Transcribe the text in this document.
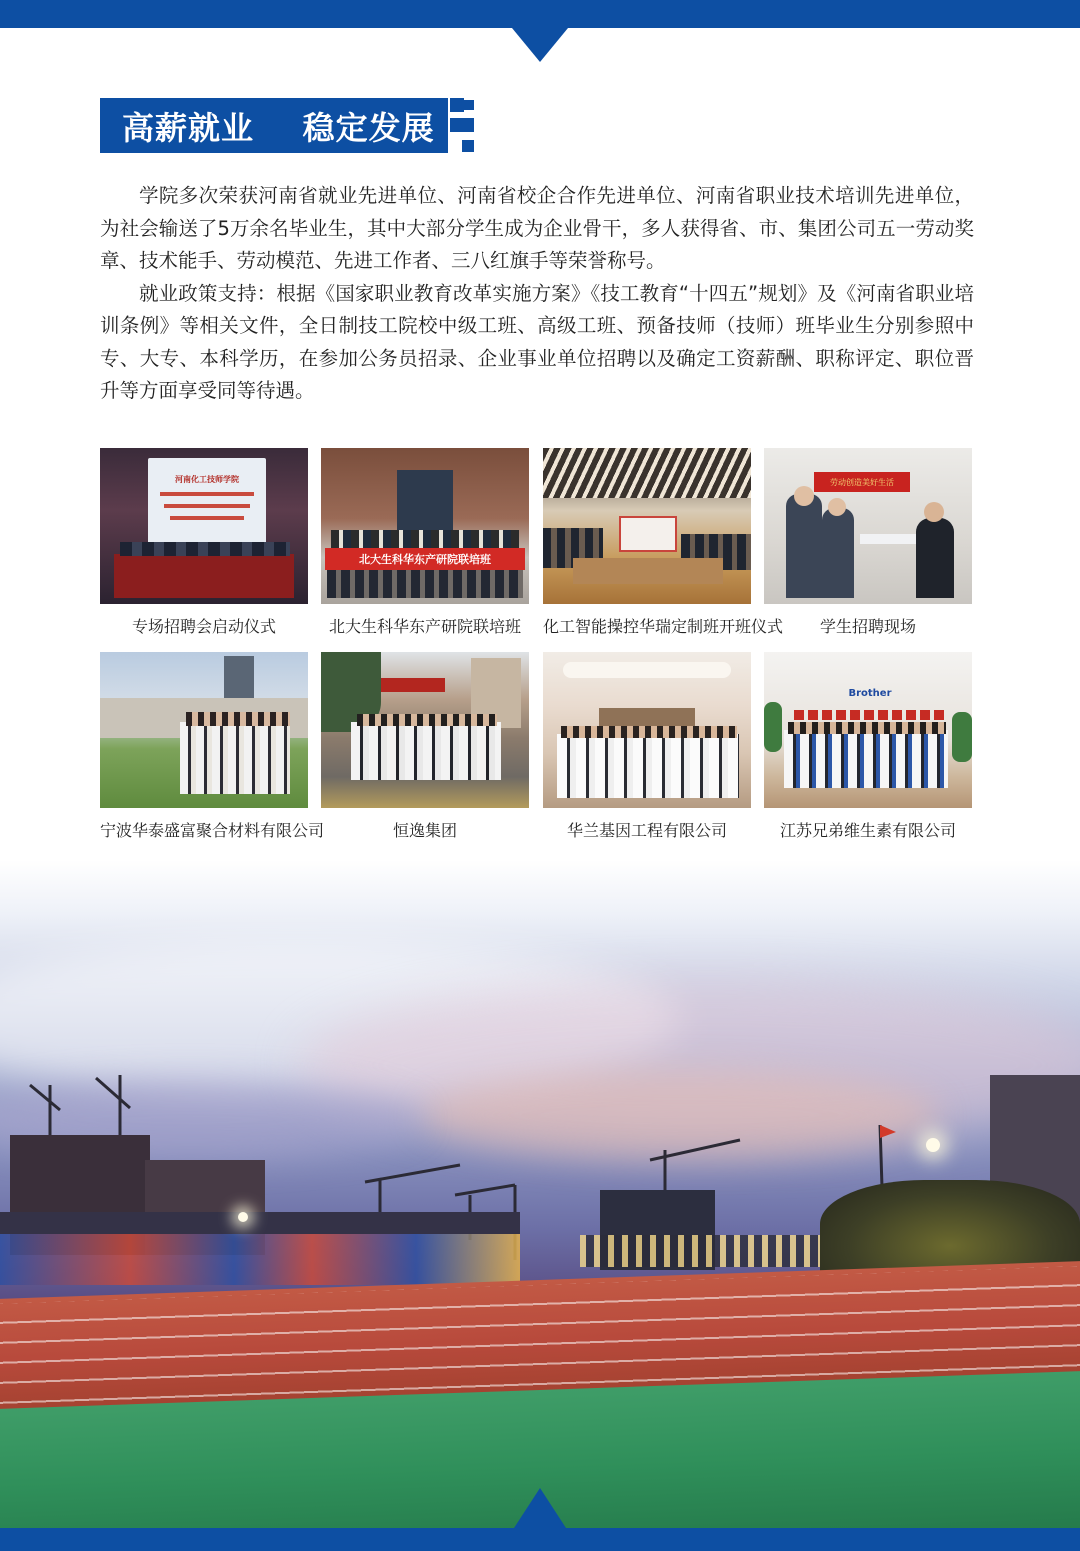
高薪就业    稳定发展

学院多次荣获河南省就业先进单位、河南省校企合作先进单位、河南省职业技术培训先进单位，为社会输送了5万余名毕业生，其中大部分学生成为企业骨干，多人获得省、市、集团公司五一劳动奖章、技术能手、劳动模范、先进工作者、三八红旗手等荣誉称号。

就业政策支持：根据《国家职业教育改革实施方案》《技工教育“十四五”规划》及《河南省职业培训条例》等相关文件，全日制技工院校中级工班、高级工班、预备技师（技师）班毕业生分别参照中专、大专、本科学历，在参加公务员招录、企业事业单位招聘以及确定工资薪酬、职称评定、职位晋升等方面享受同等待遇。

河南化工技师学院
专场招聘会启动仪式
北大生科华东产研院联培班
北大生科华东产研院联培班	化工智能操控华瑞定制班开班仪式
劳动创造美好生活
学生招聘现场
宁波华泰盛富聚合材料有限公司	恒逸集团	华兰基因工程有限公司
Brother
江苏兄弟维生素有限公司
